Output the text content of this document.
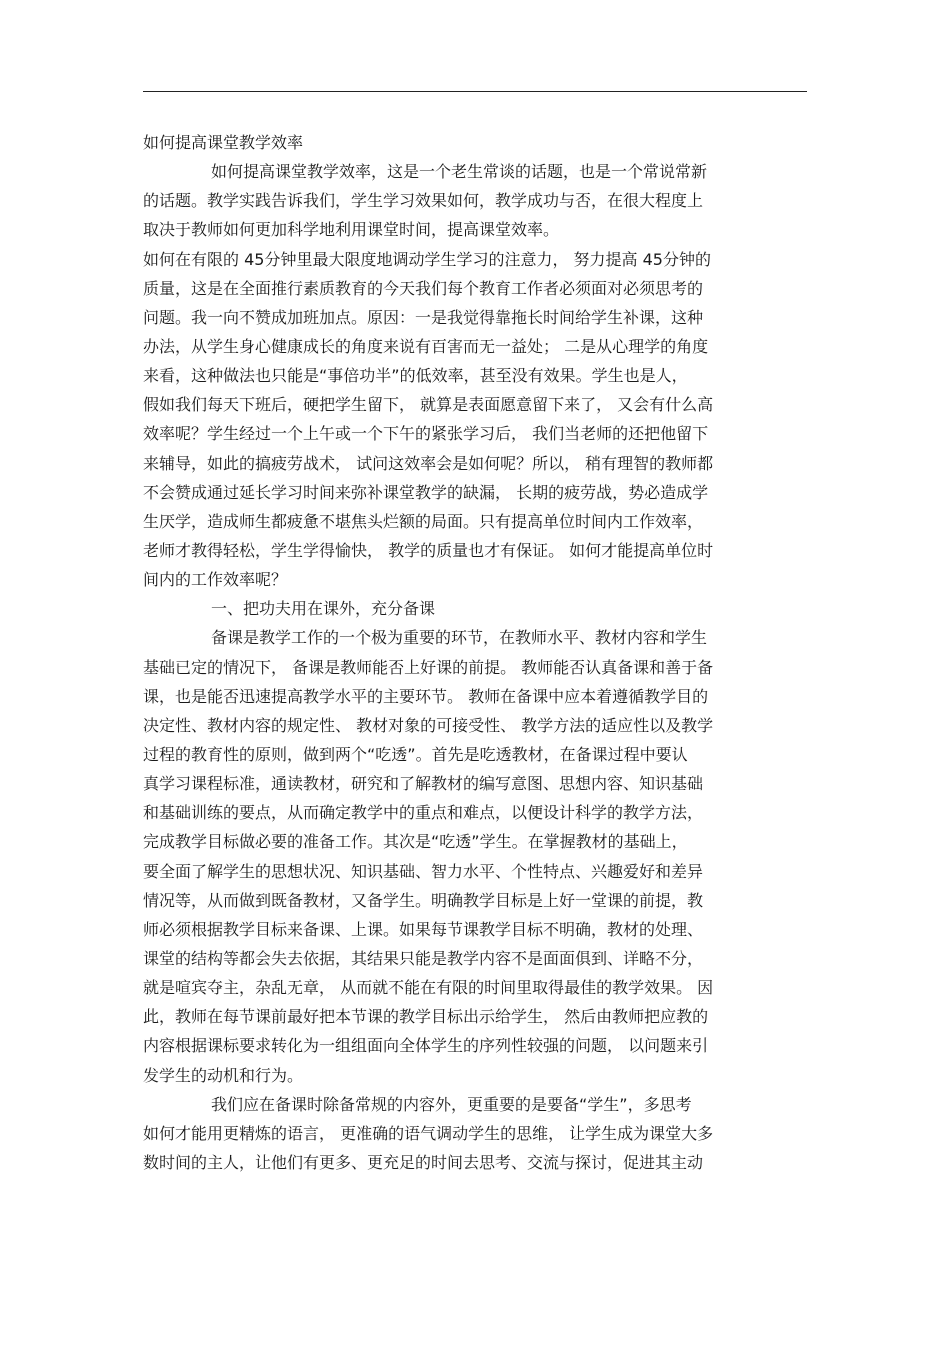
如何提高课堂教学效率
如何提高课堂教学效率，这是一个老生常谈的话题，也是一个常说常新
的话题。教学实践告诉我们，学生学习效果如何，教学成功与否，在很大程度上
取决于教师如何更加科学地利用课堂时间，提高课堂效率。
如何在有限的 45分钟里最大限度地调动学生学习的注意力， 努力提高 45分钟的
质量，这是在全面推行素质教育的今天我们每个教育工作者必须面对必须思考的
问题。我一向不赞成加班加点。原因：一是我觉得靠拖长时间给学生补课，这种
办法，从学生身心健康成长的角度来说有百害而无一益处； 二是从心理学的角度
来看，这种做法也只能是“事倍功半”的低效率，甚至没有效果。学生也是人，
假如我们每天下班后，硬把学生留下， 就算是表面愿意留下来了， 又会有什么高
效率呢？学生经过一个上午或一个下午的紧张学习后， 我们当老师的还把他留下
来辅导，如此的搞疲劳战术， 试问这效率会是如何呢？所以， 稍有理智的教师都
不会赞成通过延长学习时间来弥补课堂教学的缺漏， 长期的疲劳战，势必造成学
生厌学，造成师生都疲惫不堪焦头烂额的局面。只有提高单位时间内工作效率，
老师才教得轻松，学生学得愉快， 教学的质量也才有保证。 如何才能提高单位时
间内的工作效率呢？
一、把功夫用在课外，充分备课
备课是教学工作的一个极为重要的环节，在教师水平、教材内容和学生
基础已定的情况下， 备课是教师能否上好课的前提。 教师能否认真备课和善于备
课，也是能否迅速提高教学水平的主要环节。 教师在备课中应本着遵循教学目的
决定性、教材内容的规定性、 教材对象的可接受性、 教学方法的适应性以及教学
过程的教育性的原则，做到两个“吃透”。首先是吃透教材，在备课过程中要认
真学习课程标准，通读教材，研究和了解教材的编写意图、思想内容、知识基础
和基础训练的要点，从而确定教学中的重点和难点，以便设计科学的教学方法，
完成教学目标做必要的准备工作。其次是“吃透”学生。在掌握教材的基础上，
要全面了解学生的思想状况、知识基础、智力水平、个性特点、兴趣爱好和差异
情况等，从而做到既备教材，又备学生。明确教学目标是上好一堂课的前提，教
师必须根据教学目标来备课、上课。如果每节课教学目标不明确，教材的处理、
课堂的结构等都会失去依据，其结果只能是教学内容不是面面俱到、详略不分，
就是喧宾夺主，杂乱无章， 从而就不能在有限的时间里取得最佳的教学效果。 因
此，教师在每节课前最好把本节课的教学目标出示给学生， 然后由教师把应教的
内容根据课标要求转化为一组组面向全体学生的序列性较强的问题， 以问题来引
发学生的动机和行为。
我们应在备课时除备常规的内容外，更重要的是要备“学生”，多思考
如何才能用更精炼的语言， 更准确的语气调动学生的思维， 让学生成为课堂大多
数时间的主人，让他们有更多、更充足的时间去思考、交流与探讨，促进其主动
